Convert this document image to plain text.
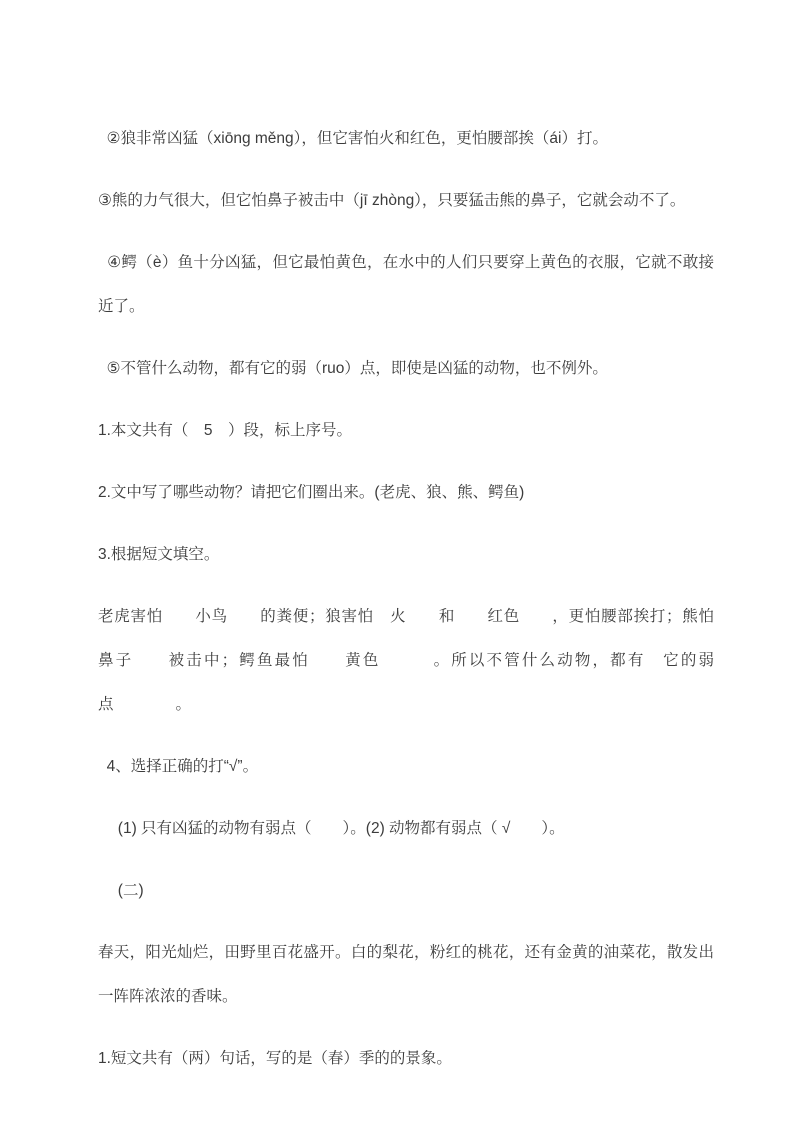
②狼非常凶猛（xiōng měng），但它害怕火和红色，更怕腰部挨（ái）打。

③熊的力气很大，但它怕鼻子被击中（jī zhòng），只要猛击熊的鼻子，它就会动不了。

④鳄（è）鱼十分凶猛，但它最怕黄色，在水中的人们只要穿上黄色的衣服，它就不敢接近了。

⑤不管什么动物，都有它的弱（ruo）点，即使是凶猛的动物，也不例外。

1.本文共有（　5　）段，标上序号。

2.文中写了哪些动物？请把它们圈出来。(老虎、狼、熊、鳄鱼)

3.根据短文填空。

老虎害怕　　小鸟　　的粪便；狼害怕　火　　和　　红色　　，更怕腰部挨打；熊怕　　鼻子　　被击中；鳄鱼最怕　　黄色　　　。所以不管什么动物，都有　它的弱点　　　　。

4、选择正确的打“√”。

　 (1) 只有凶猛的动物有弱点（　　）。(2) 动物都有弱点（ √　　）。

　 (二)

春天，阳光灿烂，田野里百花盛开。白的梨花，粉红的桃花，还有金黄的油菜花，散发出一阵阵浓浓的香味。

1.短文共有（两）句话，写的是（春）季的的景象。
